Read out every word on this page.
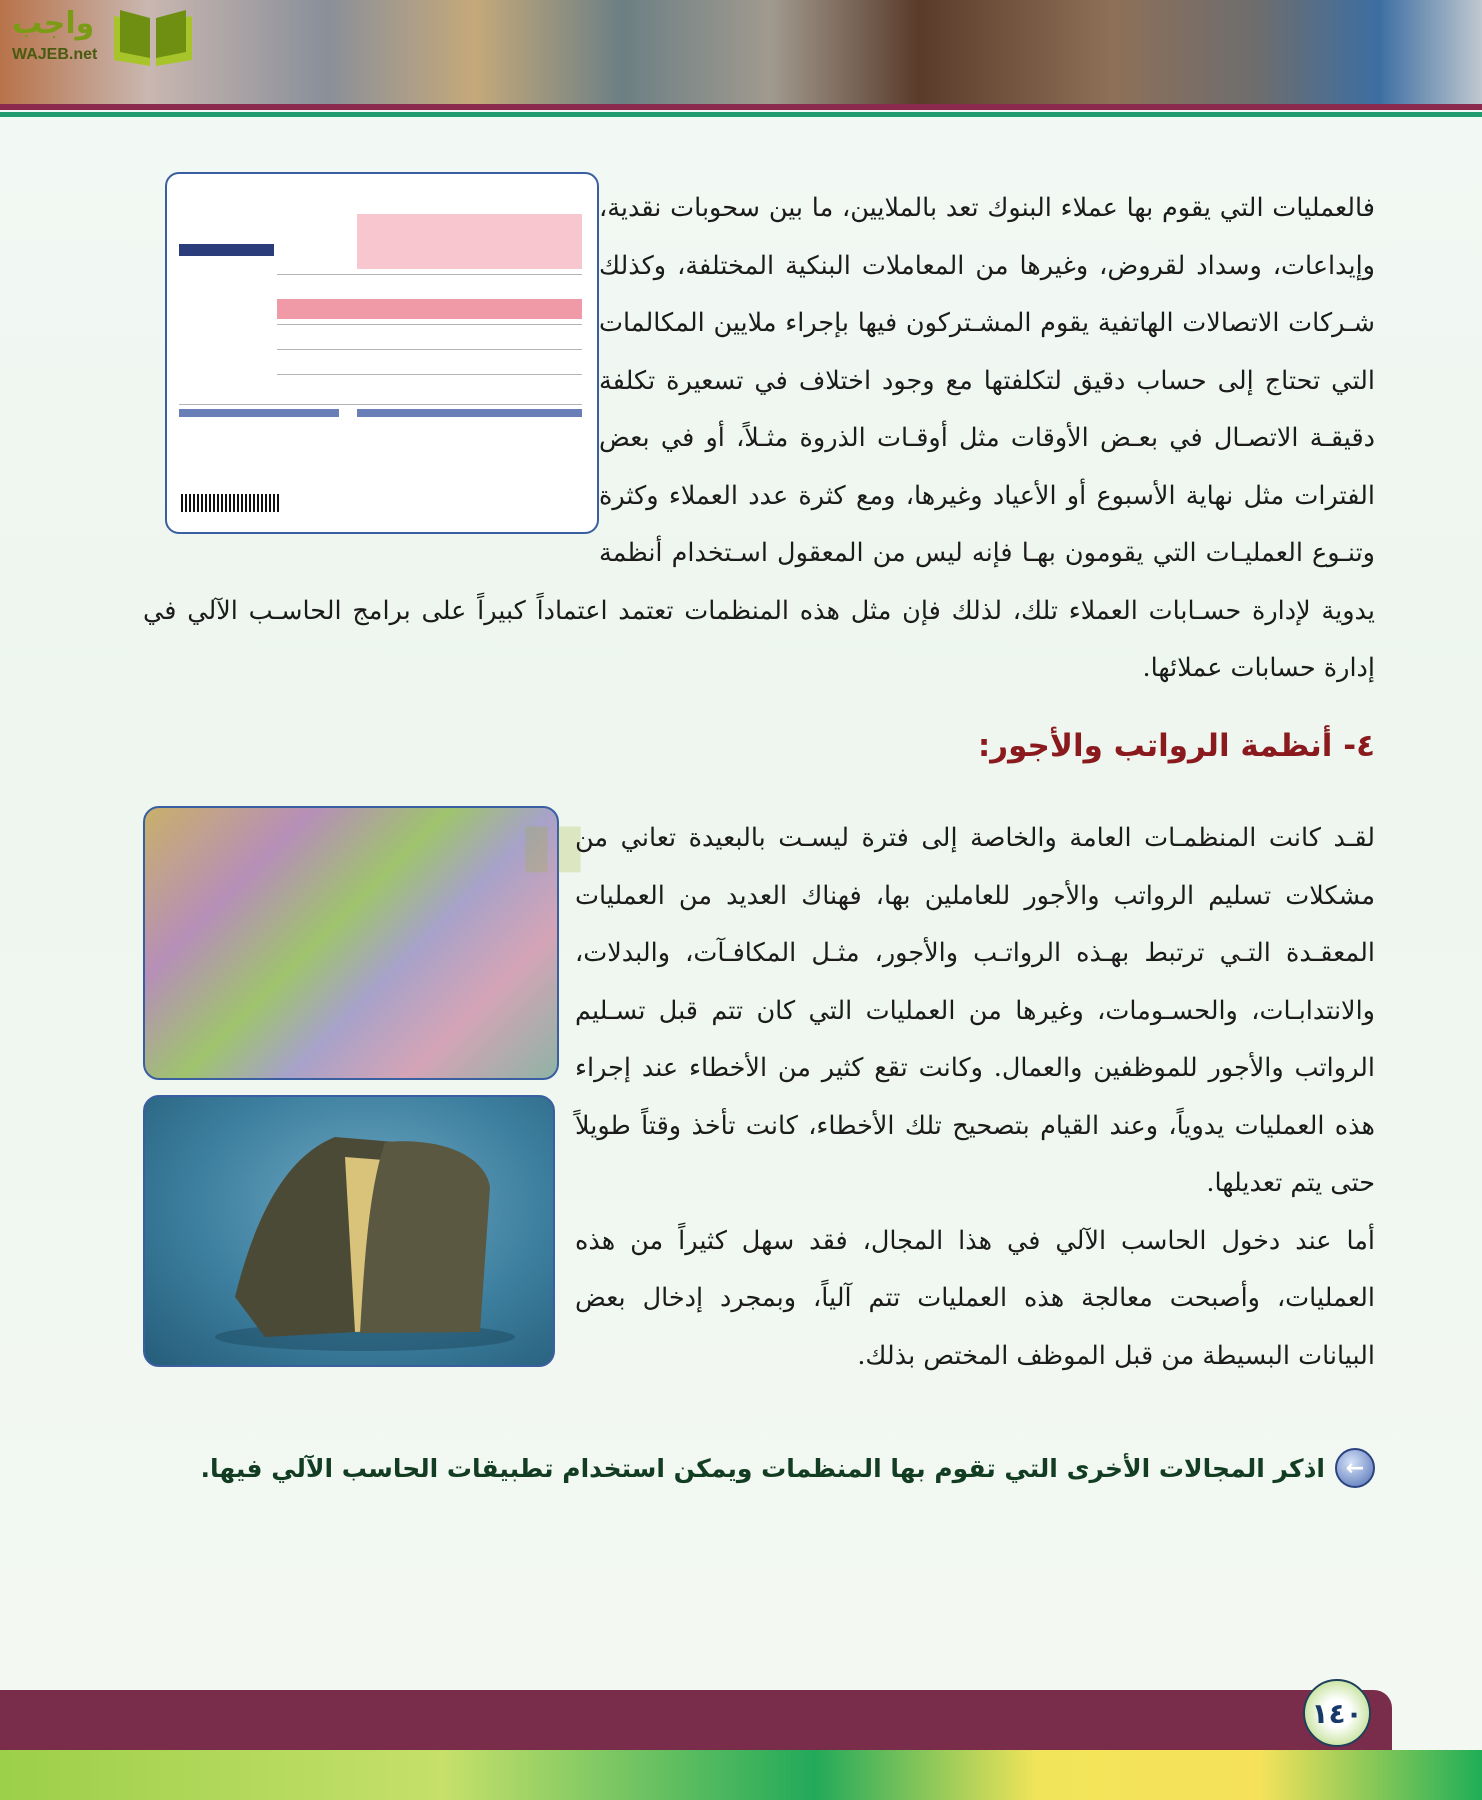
واجب
WAJEB.net
فالعمليات التي يقوم بها عملاء البنوك تعد بالملايين، ما بين سحوبات نقدية، وإيداعات، وسداد لقروض، وغيرها من المعاملات البنكية المختلفة، وكذلك شـركات الاتصالات الهاتفية يقوم المشـتركون فيها بإجراء ملايين المكالمات التي تحتاج إلى حساب دقيق لتكلفتها مع وجود اختلاف في تسعيرة تكلفة دقيقـة الاتصـال في بعـض الأوقات مثل أوقـات الذروة مثـلاً، أو في بعض الفترات مثل نهاية الأسبوع أو الأعياد وغيرها، ومع كثرة عدد العملاء وكثرة وتنـوع العمليـات التي يقومون بهـا فإنه ليس من المعقول اسـتخدام أنظمة يدوية لإدارة حسـابات العملاء تلك، لذلك فإن مثل هذه المنظمات تعتمد اعتماداً كبيراً على برامج الحاسـب الآلي في إدارة حسابات عملائها.
٤- أنظمة الرواتب والأجور:
▮▮

لقـد كانت المنظمـات العامة والخاصة إلى فترة ليسـت بالبعيدة تعاني من مشكلات تسليم الرواتب والأجور للعاملين بها، فهناك العديد من العمليات المعقـدة التـي ترتبط بهـذه الرواتـب والأجور، مثـل المكافـآت، والبدلات، والانتدابـات، والحسـومات، وغيرها من العمليات التي كان تتم قبل تسـليم الرواتب والأجور للموظفين والعمال. وكانت تقع كثير من الأخطاء عند إجراء هذه العمليات يدوياً، وعند القيام بتصحيح تلك الأخطاء، كانت تأخذ وقتاً طويلاً حتى يتم تعديلها.

أما عند دخول الحاسب الآلي في هذا المجال، فقد سهل كثيراً من هذه العمليات، وأصبحت معالجة هذه العمليات تتم آلياً، وبمجرد إدخال بعض البيانات البسيطة من قبل الموظف المختص بذلك.

←
اذكر المجالات الأخرى التي تقوم بها المنظمات ويمكن استخدام تطبيقات الحاسب الآلي فيها.
١٤٠
